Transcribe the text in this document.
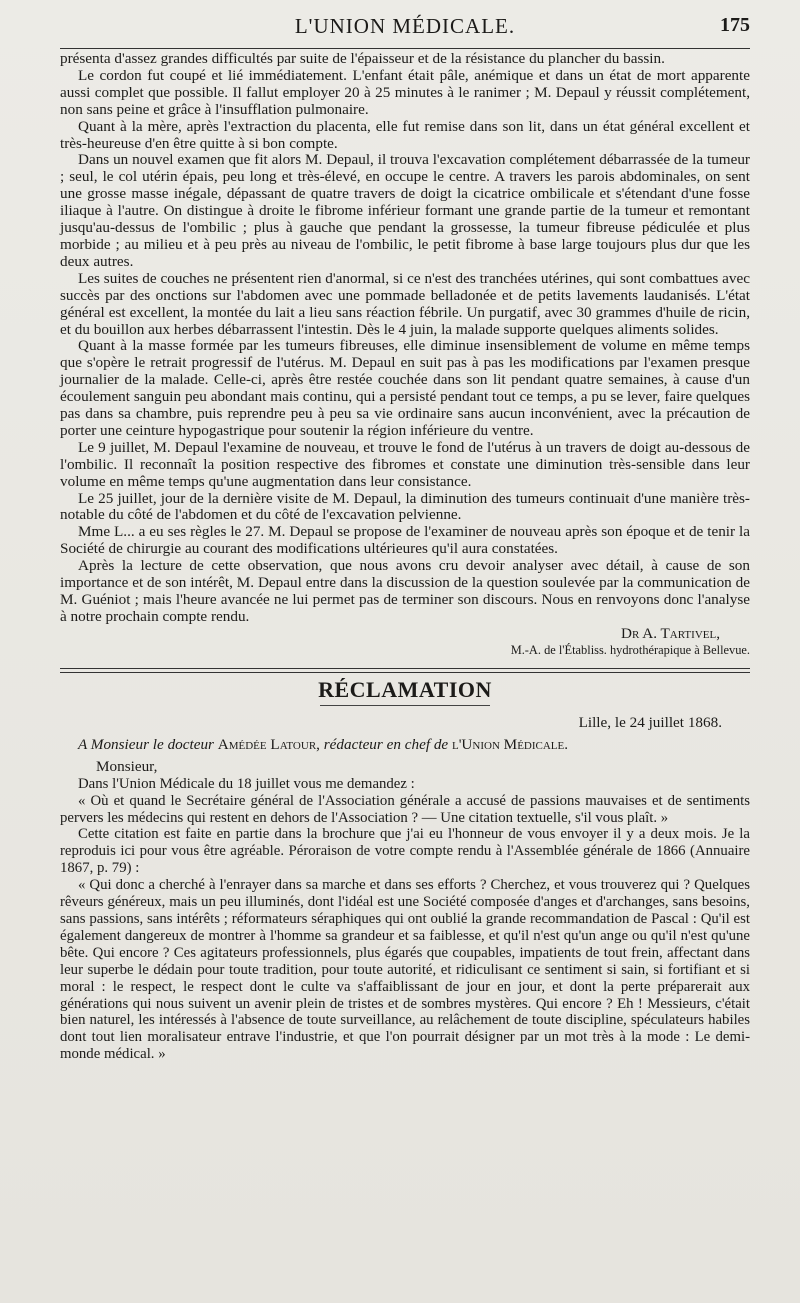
L'UNION MÉDICALE.	175

présenta d'assez grandes difficultés par suite de l'épaisseur et de la résistance du plancher du bassin.

Le cordon fut coupé et lié immédiatement. L'enfant était pâle, anémique et dans un état de mort apparente aussi complet que possible. Il fallut employer 20 à 25 minutes à le ranimer ; M. Depaul y réussit complétement, non sans peine et grâce à l'insufflation pulmonaire.

Quant à la mère, après l'extraction du placenta, elle fut remise dans son lit, dans un état général excellent et très-heureuse d'en être quitte à si bon compte.

Dans un nouvel examen que fit alors M. Depaul, il trouva l'excavation complétement débarrassée de la tumeur ; seul, le col utérin épais, peu long et très-élevé, en occupe le centre. A travers les parois abdominales, on sent une grosse masse inégale, dépassant de quatre travers de doigt la cicatrice ombilicale et s'étendant d'une fosse iliaque à l'autre. On distingue à droite le fibrome inférieur formant une grande partie de la tumeur et remontant jusqu'au-dessus de l'ombilic ; plus à gauche que pendant la grossesse, la tumeur fibreuse pédiculée et plus morbide ; au milieu et à peu près au niveau de l'ombilic, le petit fibrome à base large toujours plus dur que les deux autres.

Les suites de couches ne présentent rien d'anormal, si ce n'est des tranchées utérines, qui sont combattues avec succès par des onctions sur l'abdomen avec une pommade belladonée et de petits lavements laudanisés. L'état général est excellent, la montée du lait a lieu sans réaction fébrile. Un purgatif, avec 30 grammes d'huile de ricin, et du bouillon aux herbes débarrassent l'intestin. Dès le 4 juin, la malade supporte quelques aliments solides.

Quant à la masse formée par les tumeurs fibreuses, elle diminue insensiblement de volume en même temps que s'opère le retrait progressif de l'utérus. M. Depaul en suit pas à pas les modifications par l'examen presque journalier de la malade. Celle-ci, après être restée couchée dans son lit pendant quatre semaines, à cause d'un écoulement sanguin peu abondant mais continu, qui a persisté pendant tout ce temps, a pu se lever, faire quelques pas dans sa chambre, puis reprendre peu à peu sa vie ordinaire sans aucun inconvénient, avec la précaution de porter une ceinture hypogastrique pour soutenir la région inférieure du ventre.

Le 9 juillet, M. Depaul l'examine de nouveau, et trouve le fond de l'utérus à un travers de doigt au-dessous de l'ombilic. Il reconnaît la position respective des fibromes et constate une diminution très-sensible dans leur volume en même temps qu'une augmentation dans leur consistance.

Le 25 juillet, jour de la dernière visite de M. Depaul, la diminution des tumeurs continuait d'une manière très-notable du côté de l'abdomen et du côté de l'excavation pelvienne.

Mme L... a eu ses règles le 27. M. Depaul se propose de l'examiner de nouveau après son époque et de tenir la Société de chirurgie au courant des modifications ultérieures qu'il aura constatées.

Après la lecture de cette observation, que nous avons cru devoir analyser avec détail, à cause de son importance et de son intérêt, M. Depaul entre dans la discussion de la question soulevée par la communication de M. Guéniot ; mais l'heure avancée ne lui permet pas de terminer son discours. Nous en renvoyons donc l'analyse à notre prochain compte rendu.

Dr A. Tartivel,
M.-A. de l'Établiss. hydrothérapique à Bellevue.
RÉCLAMATION
Lille, le 24 juillet 1868.
A Monsieur le docteur Amédée Latour, rédacteur en chef de l'Union Médicale.
Monsieur,

Dans l'Union Médicale du 18 juillet vous me demandez :

« Où et quand le Secrétaire général de l'Association générale a accusé de passions mauvaises et de sentiments pervers les médecins qui restent en dehors de l'Association ? — Une citation textuelle, s'il vous plaît. »

Cette citation est faite en partie dans la brochure que j'ai eu l'honneur de vous envoyer il y a deux mois. Je la reproduis ici pour vous être agréable. Péroraison de votre compte rendu à l'Assemblée générale de 1866 (Annuaire 1867, p. 79) :

« Qui donc a cherché à l'enrayer dans sa marche et dans ses efforts ? Cherchez, et vous trouverez qui ? Quelques rêveurs généreux, mais un peu illuminés, dont l'idéal est une Société composée d'anges et d'archanges, sans besoins, sans passions, sans intérêts ; réformateurs séraphiques qui ont oublié la grande recommandation de Pascal : Qu'il est également dangereux de montrer à l'homme sa grandeur et sa faiblesse, et qu'il n'est qu'un ange ou qu'il n'est qu'une bête. Qui encore ? Ces agitateurs professionnels, plus égarés que coupables, impatients de tout frein, affectant dans leur superbe le dédain pour toute tradition, pour toute autorité, et ridiculisant ce sentiment si sain, si fortifiant et si moral : le respect, le respect dont le culte va s'affaiblissant de jour en jour, et dont la perte préparerait aux générations qui nous suivent un avenir plein de tristes et de sombres mystères. Qui encore ? Eh ! Messieurs, c'était bien naturel, les intéressés à l'absence de toute surveillance, au relâchement de toute discipline, spéculateurs habiles dont tout lien moralisateur entrave l'industrie, et que l'on pourrait désigner par un mot très à la mode : Le demi-monde médical. »
